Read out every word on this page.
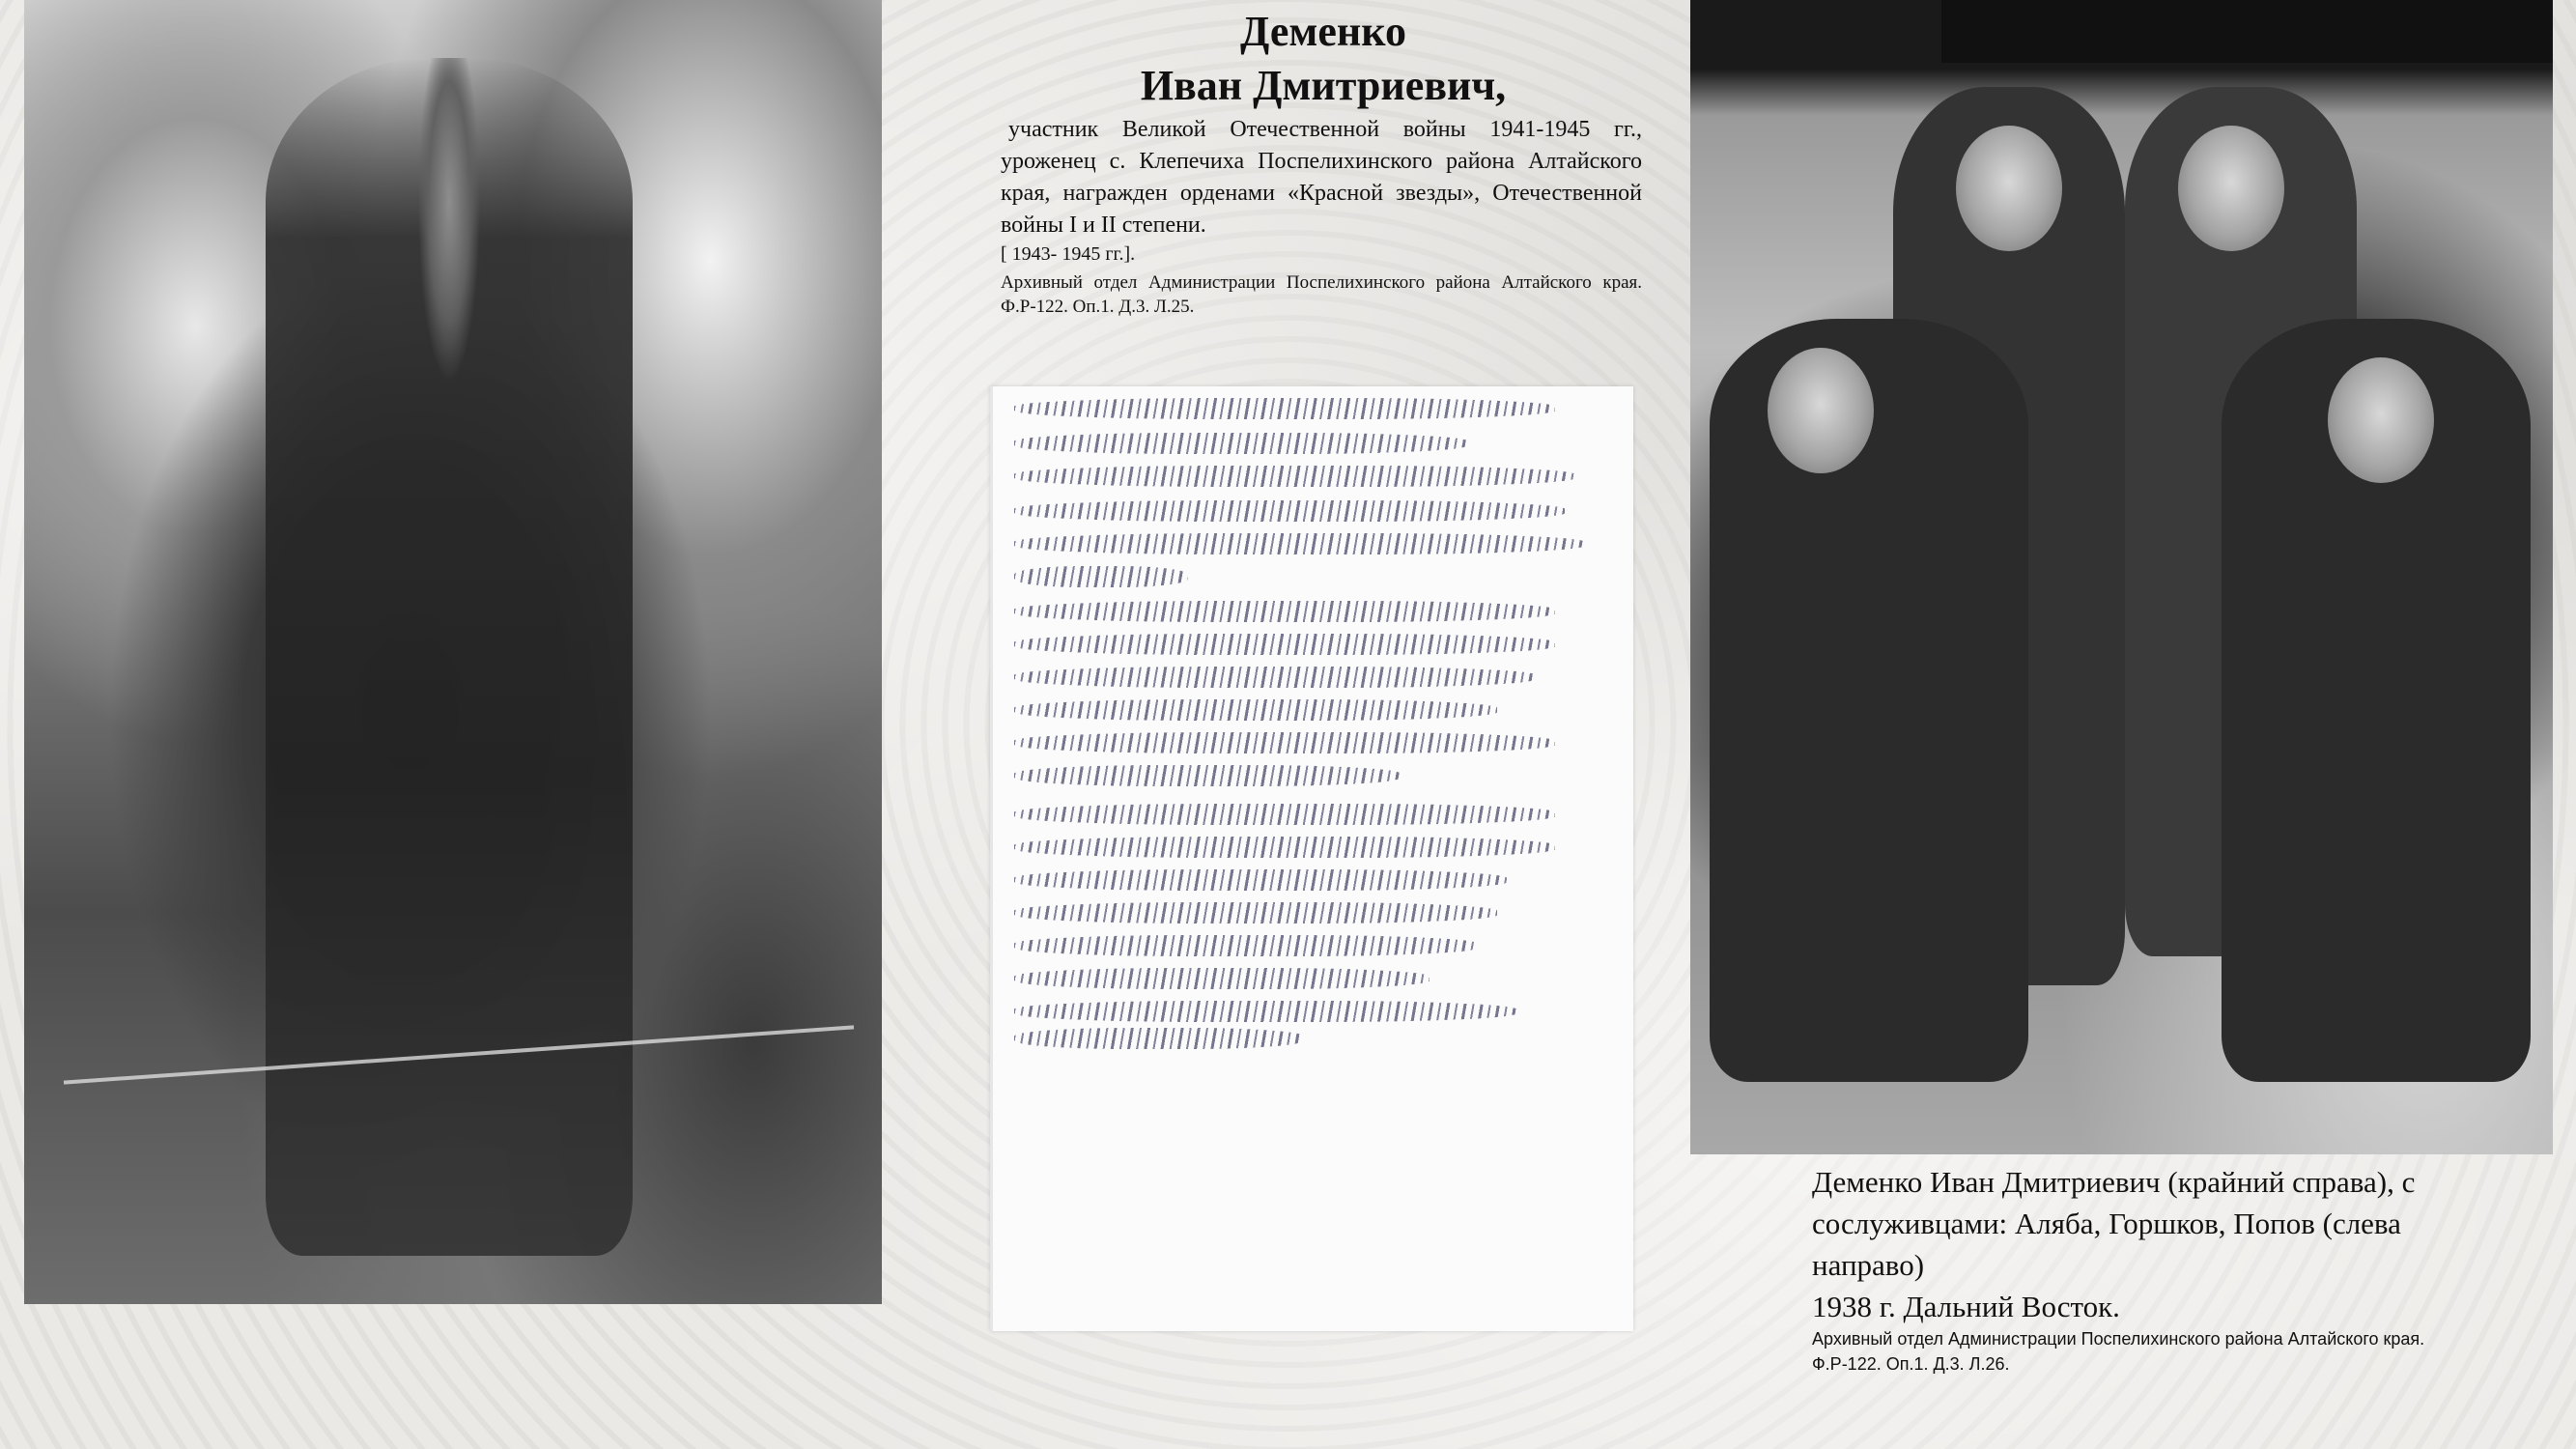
Деменко
Иван Дмитриевич,
участник Великой Отечественной войны 1941-1945 гг., уроженец с. Клепечиха Поспелихинского района Алтайского края, награжден орденами «Красной звезды», Отечественной войны I и II степени.
[ 1943- 1945 гг.].
Архивный отдел Администрации Поспелихинского района Алтайского края. Ф.Р-122. Оп.1. Д.3. Л.25.
Деменко Иван Дмитриевич (крайний справа), с сослуживцами: Аляба, Горшков, Попов (слева направо)
1938 г. Дальний Восток.
Архивный отдел Администрации Поспелихинского района Алтайского края. Ф.Р-122. Оп.1. Д.3. Л.26.
